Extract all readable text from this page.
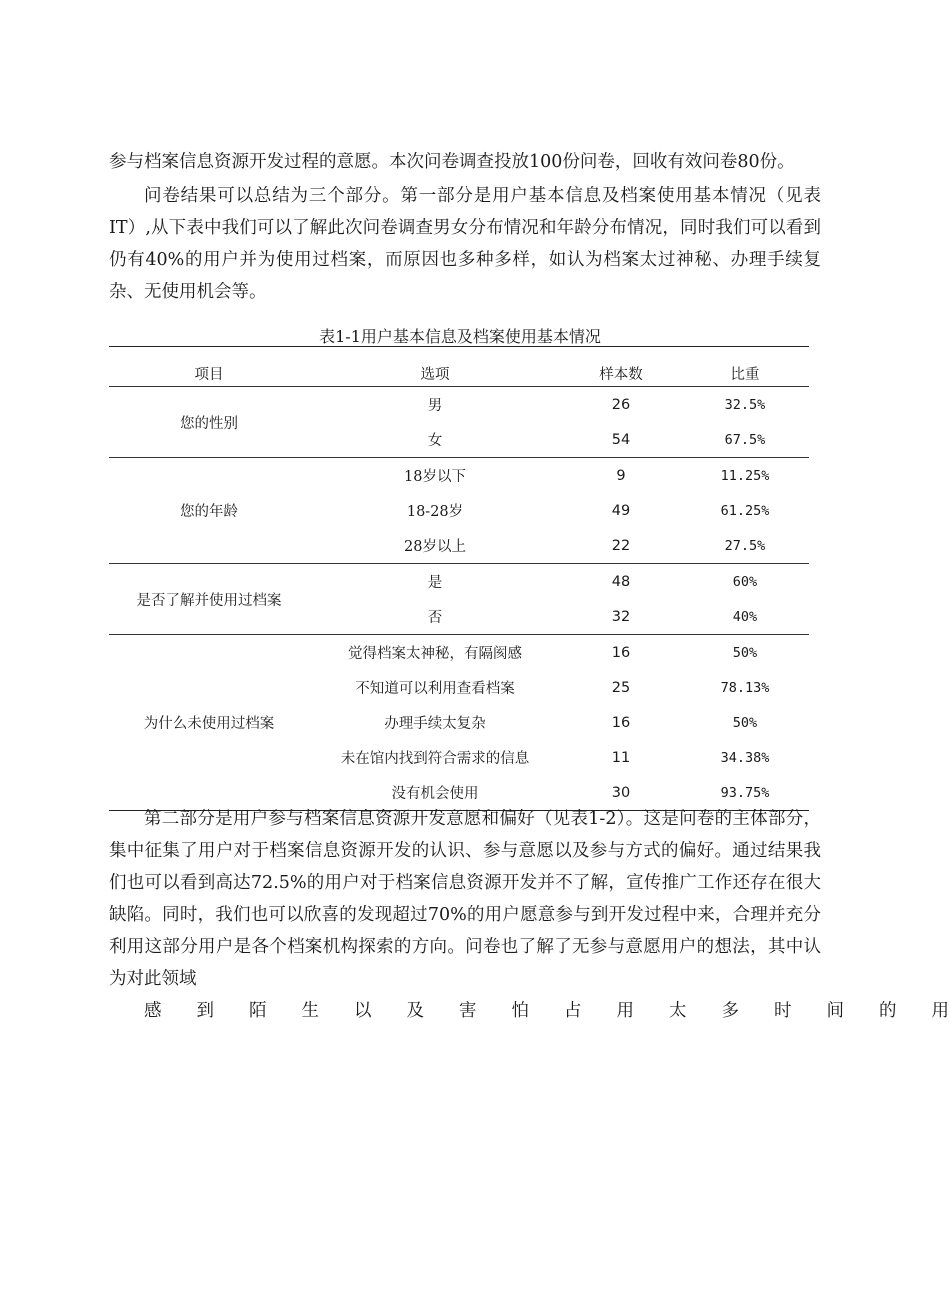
参与档案信息资源开发过程的意愿。本次问卷调查投放100份问卷，回收有效问卷80份。

问卷结果可以总结为三个部分。第一部分是用户基本信息及档案使用基本情况（见表IT）,从下表中我们可以了解此次问卷调查男女分布情况和年龄分布情况，同时我们可以看到仍有40%的用户并为使用过档案，而原因也多种多样，如认为档案太过神秘、办理手续复杂、无使用机会等。

表1-1用户基本信息及档案使用基本情况
项目	选项	样本数	比重
您的性别	男	26	32.5%
	女	54	67.5%
您的年龄	18岁以下	9	11.25%
	18-28岁	49	61.25%
	28岁以上	22	27.5%
是否了解并使用过档案	是	48	60%
	否	32	40%
为什么未使用过档案	觉得档案太神秘，有隔阂感	16	50%
	不知道可以利用查看档案	25	78.13%
	办理手续太复杂	16	50%
	未在馆内找到符合需求的信息	11	34.38%
	没有机会使用	30	93.75%
第二部分是用户参与档案信息资源开发意愿和偏好（见表1-2）。这是问卷的主体部分，集中征集了用户对于档案信息资源开发的认识、参与意愿以及参与方式的偏好。通过结果我们也可以看到高达72.5%的用户对于档案信息资源开发并不了解，宣传推广工作还存在很大缺陷。同时，我们也可以欣喜的发现超过70%的用户愿意参与到开发过程中来，合理并充分利用这部分用户是各个档案机构探索的方向。问卷也了解了无参与意愿用户的想法，其中认为对此领域
感	到	陌	生	以	及	害	怕	占	用	太	多	时	间	的	用
